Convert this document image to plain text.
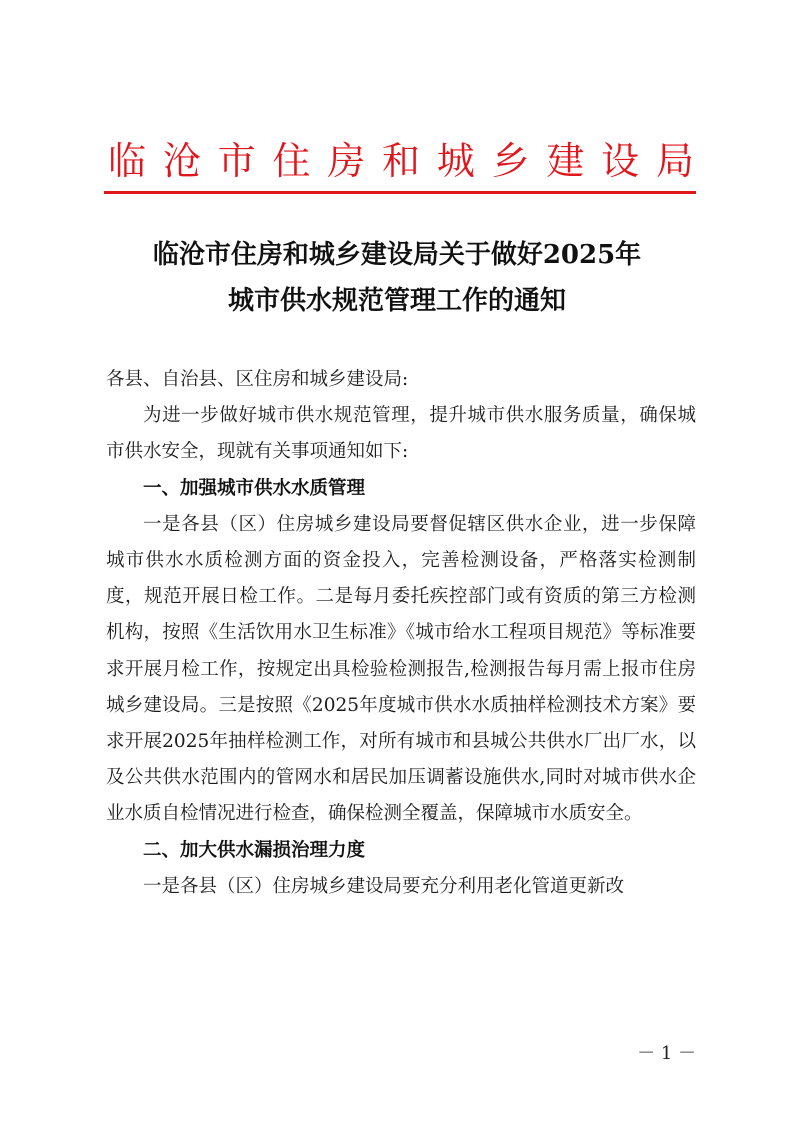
临沧市住房和城乡建设局
临沧市住房和城乡建设局关于做好2025年
城市供水规范管理工作的通知

各县、自治县、区住房和城乡建设局:

为进一步做好城市供水规范管理，提升城市供水服务质量，确保城市供水安全，现就有关事项通知如下:

一、加强城市供水水质管理

一是各县（区）住房城乡建设局要督促辖区供水企业，进一步保障城市供水水质检测方面的资金投入，完善检测设备，严格落实检测制度，规范开展日检工作。二是每月委托疾控部门或有资质的第三方检测机构，按照《生活饮用水卫生标准》《城市给水工程项目规范》等标准要求开展月检工作，按规定出具检验检测报告,检测报告每月需上报市住房城乡建设局。三是按照《2025年度城市供水水质抽样检测技术方案》要求开展2025年抽样检测工作，对所有城市和县城公共供水厂出厂水，以及公共供水范围内的管网水和居民加压调蓄设施供水,同时对城市供水企业水质自检情况进行检查，确保检测全覆盖，保障城市水质安全。

二、加大供水漏损治理力度

一是各县（区）住房城乡建设局要充分利用老化管道更新改

－ 1 －
